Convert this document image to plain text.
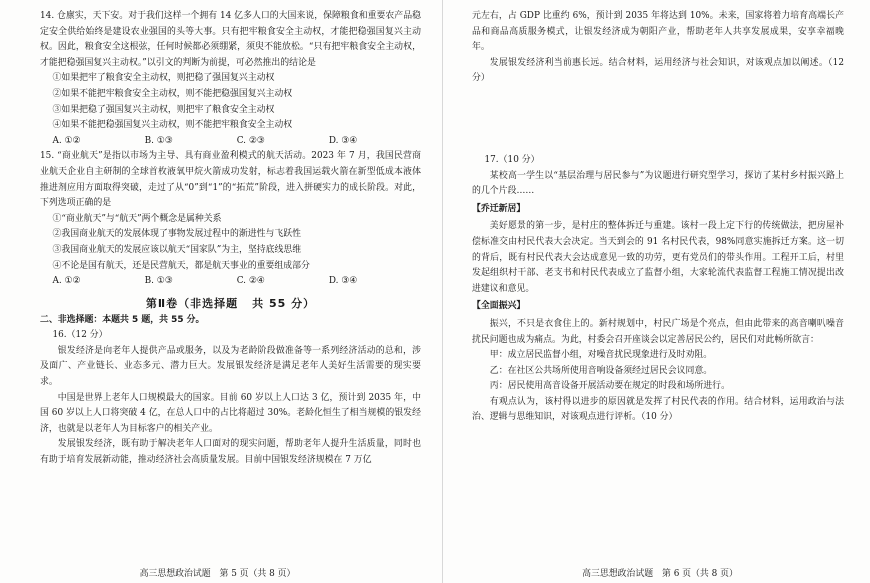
14. 仓廪实，天下安。对于我们这样一个拥有 14 亿多人口的大国来说，保障粮食和重要农产品稳定安全供给始终是建设农业强国的头等大事。只有把牢粮食安全主动权，才能把稳强国复兴主动权。因此，粮食安全这根弦，任何时候都必须绷紧，须臾不能放松。“只有把牢粮食安全主动权，才能把稳强国复兴主动权。”以引文的判断为前提，可必然推出的结论是

①如果把牢了粮食安全主动权，则把稳了强国复兴主动权

②如果不能把牢粮食安全主动权，则不能把稳强国复兴主动权

③如果把稳了强国复兴主动权，则把牢了粮食安全主动权

④如果不能把稳强国复兴主动权，则不能把牢粮食安全主动权

A. ①②	B. ①③	C. ②③	D. ③④

15. “商业航天”是指以市场为主导、具有商业盈利模式的航天活动。2023 年 7 月，我国民营商业航天企业自主研制的全球首枚液氧甲烷火箭成功发射，标志着我国运载火箭在新型低成本液体推进剂应用方面取得突破，走过了从“0”到“1”的“拓荒”阶段，进入拼硬实力的成长阶段。对此，下列选项正确的是

①“商业航天”与“航天”两个概念是属种关系

②我国商业航天的发展体现了事物发展过程中的渐进性与飞跃性

③我国商业航天的发展应该以航天“国家队”为主，坚持底线思维

④不论是国有航天，还是民营航天，都是航天事业的重要组成部分

A. ①②	B. ①③	C. ②④	D. ③④
第Ⅱ卷（非选择题 共 55 分）

二、非选择题：本题共 5 题，共 55 分。

16.（12 分）

银发经济是向老年人提供产品或服务，以及为老龄阶段做准备等一系列经济活动的总和，涉及面广、产业链长、业态多元、潜力巨大。发展银发经济是满足老年人美好生活需要的现实要求。

中国是世界上老年人口规模最大的国家。目前 60 岁以上人口达 3 亿，预计到 2035 年，中国 60 岁以上人口将突破 4 亿，在总人口中的占比将超过 30%。老龄化恒生了相当规模的银发经济，也就是以老年人为目标客户的相关产业。

发展银发经济，既有助于解决老年人口面对的现实问题，帮助老年人提升生活质量，同时也有助于培育发展新动能，推动经济社会高质量发展。目前中国银发经济规模在 7 万亿

高三思想政治试题　第 5 页（共 8 页）

元左右，占 GDP 比重约 6%，预计到 2035 年将达到 10%。未来，国家将着力培育高端长产品和商品高质服务模式，让银发经济成为朝阳产业，帮助老年人共享发展成果，安享幸福晚年。

发展银发经济利当前惠长远。结合材料，运用经济与社会知识，对该观点加以阐述。（12 分）

17.（10 分）

某校高一学生以“基层治理与居民参与”为议题进行研究型学习，探访了某村乡村振兴路上的几个片段……

【乔迁新居】

美好愿景的第一步，是村庄的整体拆迁与重建。该村一段上定下行的传统做法，把房屋补偿标准交由村民代表大会决定。当天到会的 91 名村民代表，98%同意实施拆迁方案。这一切的背后，既有村民代表大会达成意见一致的功劳，更有党员们的带头作用。工程开工后，村里发起组织村干部、老支书和村民代表成立了监督小组，大家轮流代表监督工程施工情况提出改进建议和意见。

【全面振兴】

振兴，不只是衣食住上的。新村规划中，村民广场是个亮点，但由此带来的高音喇叭噪音扰民问题也成为痛点。为此，村委会召开座谈会以定善居民公约，居民们对此畅所欲言：

甲：成立居民监督小组，对噪音扰民现象进行及时劝阻。

乙：在社区公共场所使用音响设备须经过居民会议同意。

丙：居民使用高音设备开展活动要在规定的时段和场所进行。

有观点认为，该村得以进步的原因就是发挥了村民代表的作用。结合材料，运用政治与法治、逻辑与思维知识，对该观点进行评析。（10 分）

高三思想政治试题　第 6 页（共 8 页）
